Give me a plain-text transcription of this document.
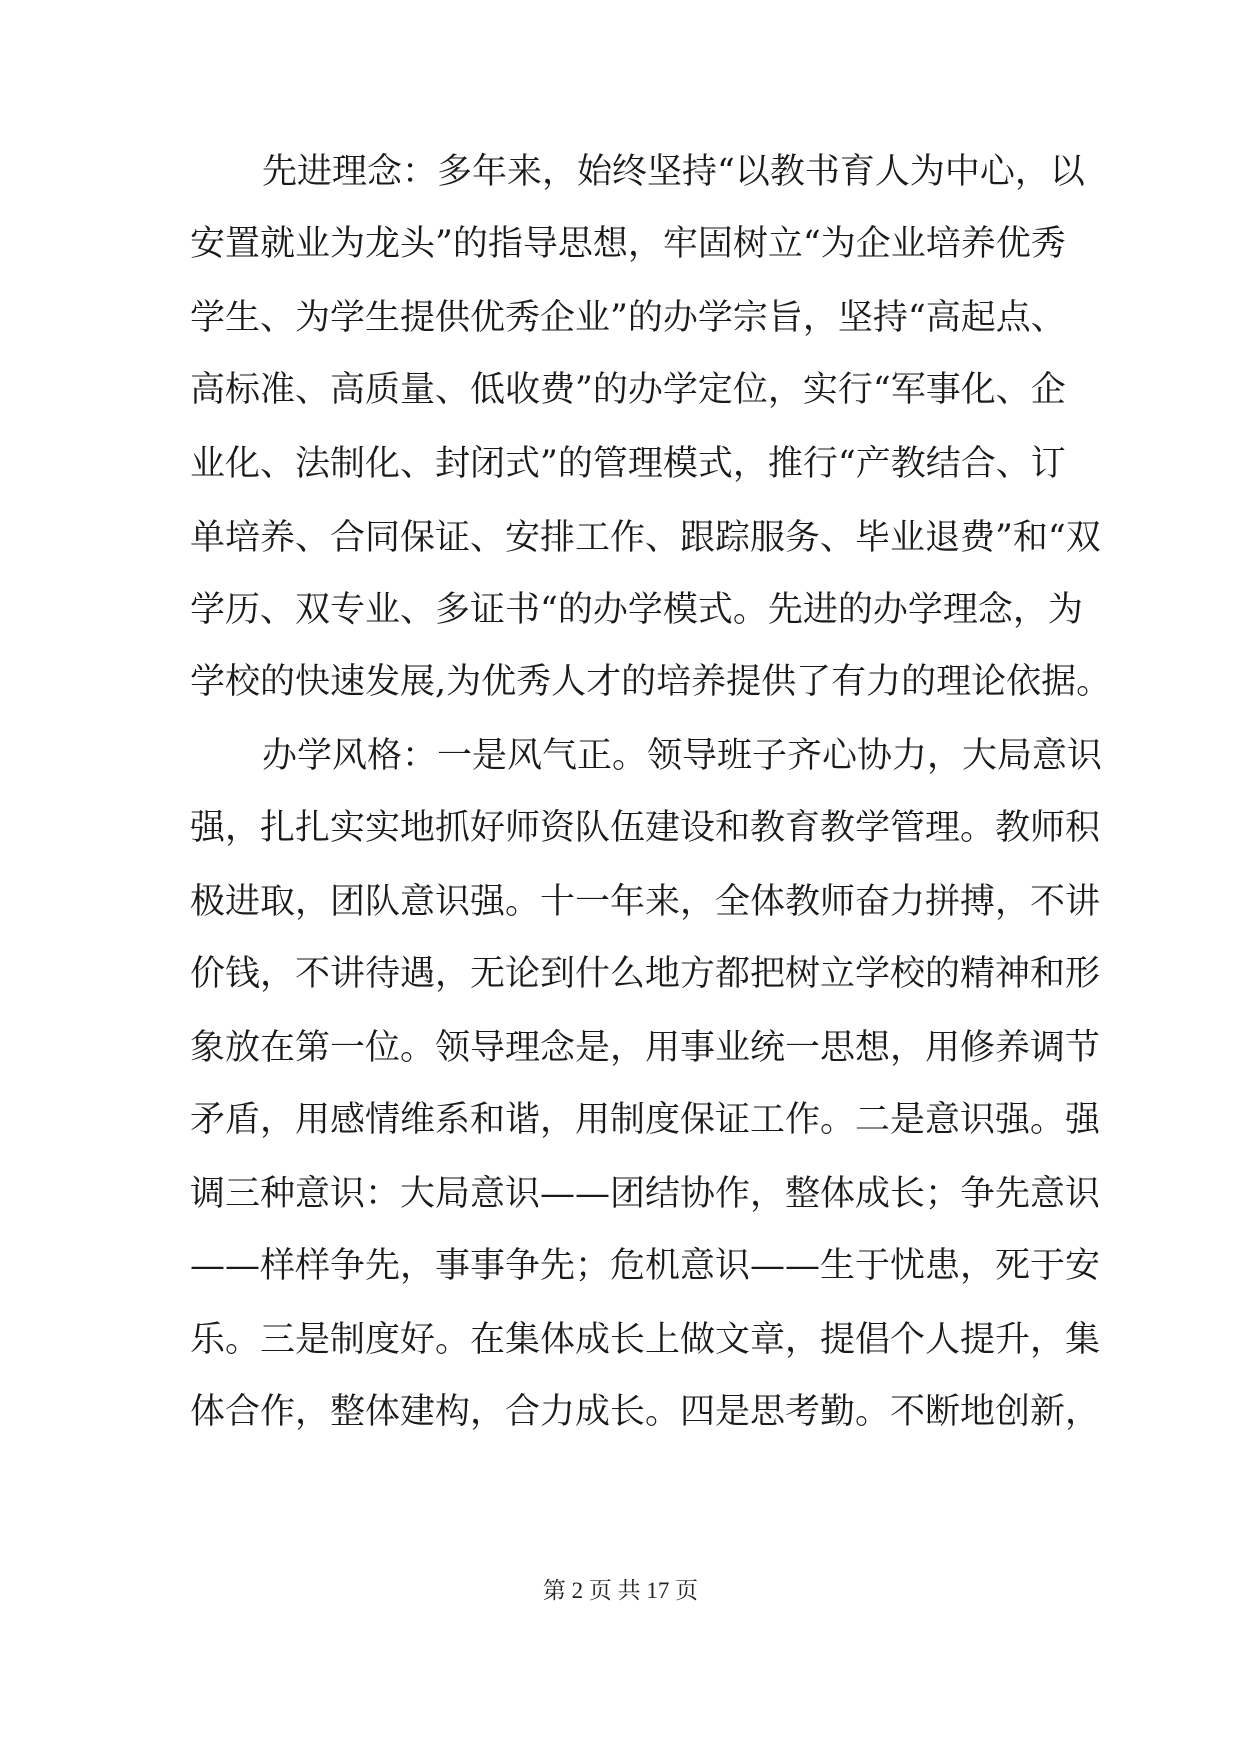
先进理念：多年来，始终坚持“以教书育人为中心，以
安置就业为龙头”的指导思想，牢固树立“为企业培养优秀
学生、为学生提供优秀企业”的办学宗旨，坚持“高起点、
高标准、高质量、低收费”的办学定位，实行“军事化、企
业化、法制化、封闭式”的管理模式，推行“产教结合、订
单培养、合同保证、安排工作、跟踪服务、毕业退费”和“双
学历、双专业、多证书“的办学模式。先进的办学理念，为
学校的快速发展,为优秀人才的培养提供了有力的理论依据。
办学风格：一是风气正。领导班子齐心协力，大局意识
强，扎扎实实地抓好师资队伍建设和教育教学管理。教师积
极进取，团队意识强。十一年来，全体教师奋力拼搏，不讲
价钱，不讲待遇，无论到什么地方都把树立学校的精神和形
象放在第一位。领导理念是，用事业统一思想，用修养调节
矛盾，用感情维系和谐，用制度保证工作。二是意识强。强
调三种意识：大局意识——团结协作，整体成长；争先意识
——样样争先，事事争先；危机意识——生于忧患，死于安
乐。三是制度好。在集体成长上做文章，提倡个人提升，集
体合作，整体建构，合力成长。四是思考勤。不断地创新，
第 2 页 共 17 页
